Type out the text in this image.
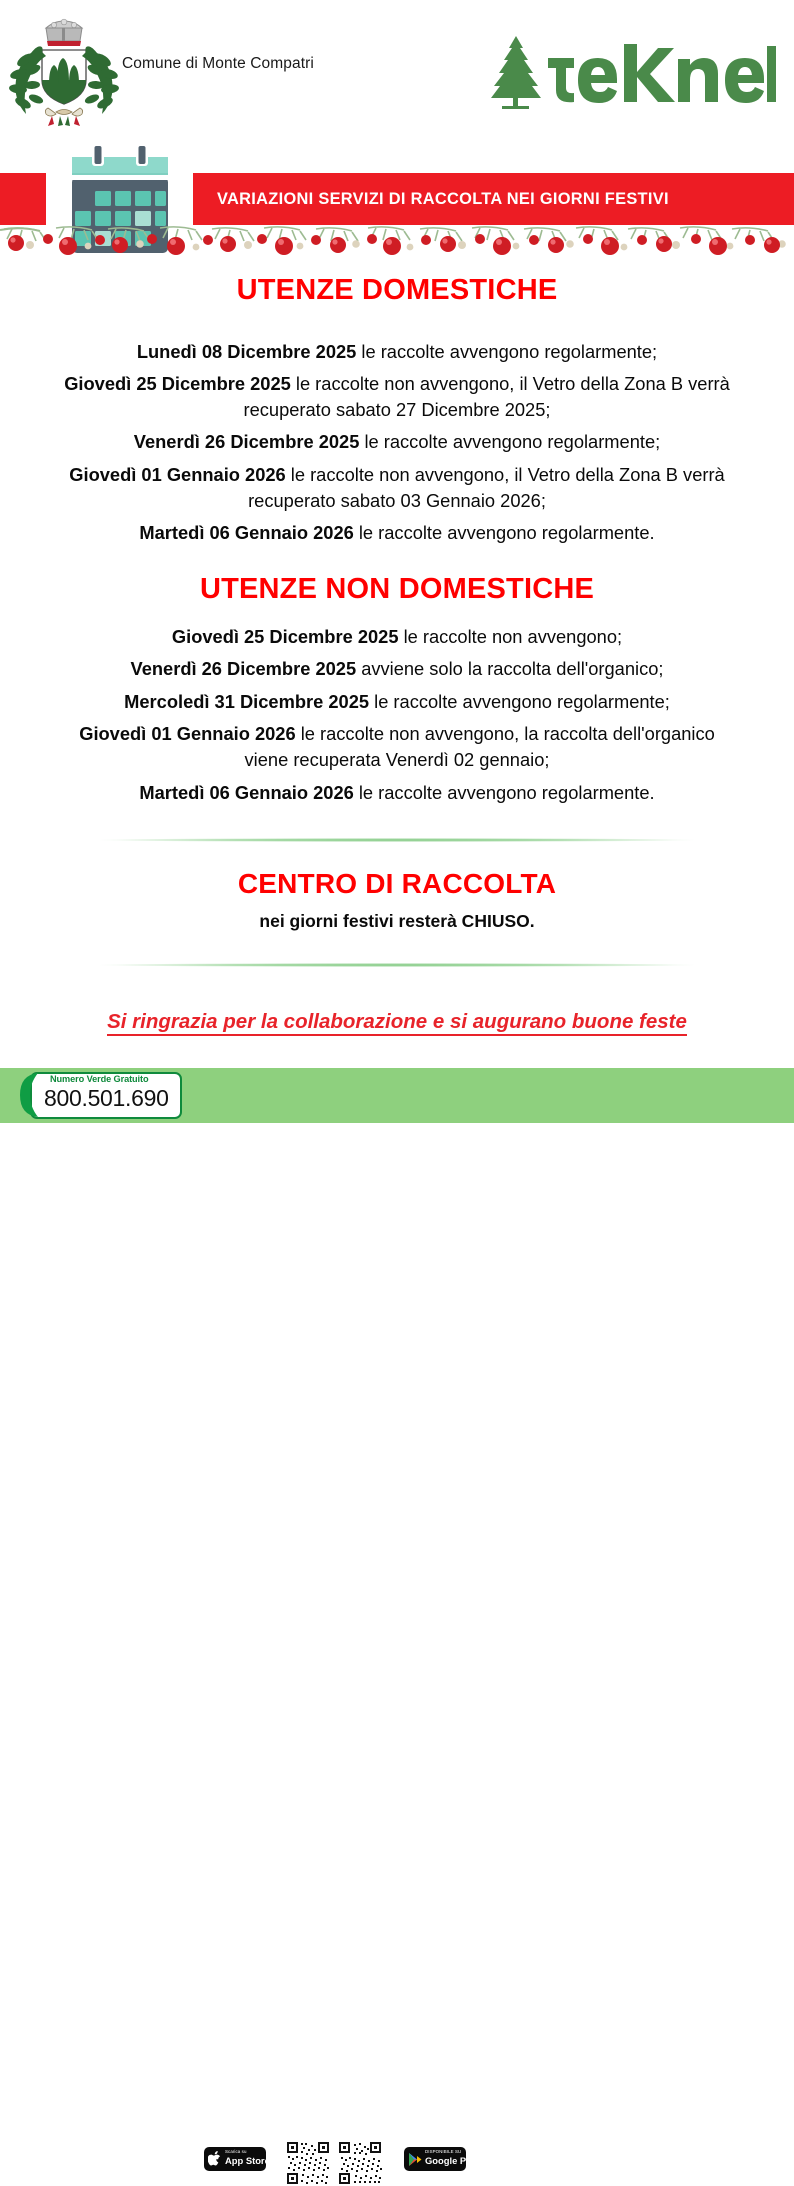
Comune di Monte Compatri
VARIAZIONI SERVIZI DI RACCOLTA NEI GIORNI FESTIVI
UTENZE DOMESTICHE
Lunedì 08 Dicembre 2025 le raccolte avvengono regolarmente;
Giovedì 25 Dicembre 2025 le raccolte non avvengono, il Vetro della Zona B verrà recuperato sabato 27 Dicembre 2025;
Venerdì 26 Dicembre 2025 le raccolte avvengono regolarmente;
Giovedì 01 Gennaio 2026 le raccolte non avvengono, il Vetro della Zona B verrà recuperato sabato 03 Gennaio 2026;
Martedì 06 Gennaio 2026 le raccolte avvengono regolarmente.
UTENZE NON DOMESTICHE
Giovedì 25 Dicembre 2025 le raccolte non avvengono;
Venerdì 26 Dicembre 2025 avviene solo la raccolta dell'organico;
Mercoledì 31 Dicembre 2025 le raccolte avvengono regolarmente;
Giovedì 01 Gennaio 2026 le raccolte non avvengono, la raccolta dell'organico viene recuperata Venerdì 02 gennaio;
Martedì 06 Gennaio 2026 le raccolte avvengono regolarmente.
CENTRO DI RACCOLTA
nei giorni festivi resterà CHIUSO.
Si ringrazia per la collaborazione e si augurano buone feste
Numero Verde Gratuito
800.501.690
Scarica su
App Store
DISPONIBILE SU
Google Play	montecompatri@tekneko.com
www.tekneko.it
